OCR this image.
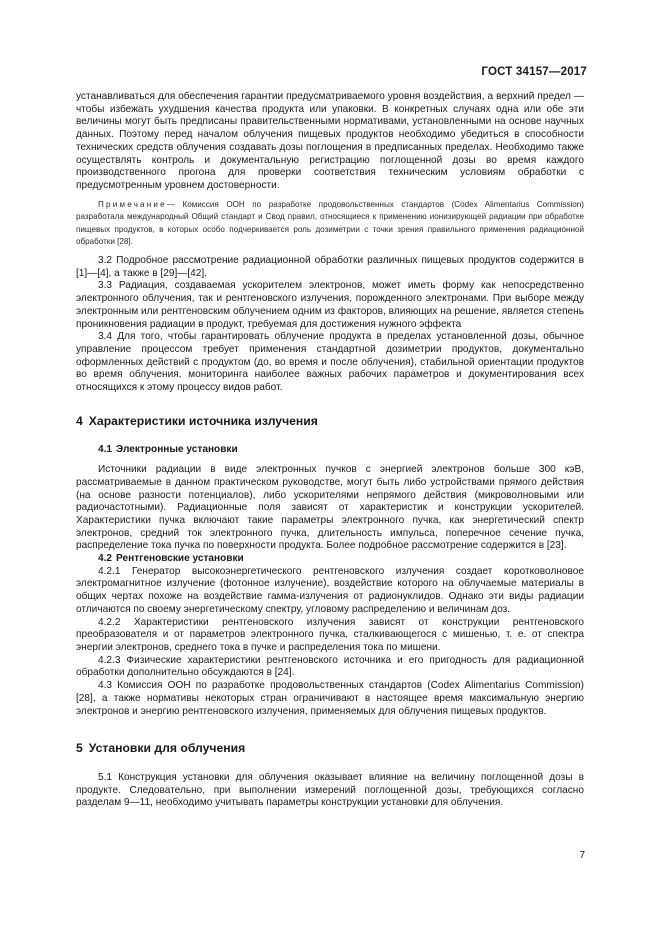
ГОСТ 34157—2017

устанавливаться для обеспечения гарантии предусматриваемого уровня воздействия, а верхний предел — чтобы избежать ухудшения качества продукта или упаковки. В конкретных случаях одна или обе эти величины могут быть предписаны правительственными нормативами, установленными на основе научных данных. Поэтому перед началом облучения пищевых продуктов необходимо убедиться в способности технических средств облучения создавать дозы поглощения в предписанных пределах. Необходимо также осуществлять контроль и документальную регистрацию поглощенной дозы во время каждого производственного прогона для проверки соответствия техническим условиям обработки с предусмотренным уровнем достоверности.

Примечание— Комиссия ООН по разработке продовольственных стандартов (Codex Alimentarius Commission) разработала международный Общий стандарт и Свод правил, относящиеся к применению ионизирующей радиации при обработке пищевых продуктов, в которых особо подчеркивается роль дозиметрии с точки зрения правильного применения радиационной обработки [28].

3.2 Подробное рассмотрение радиационной обработки различных пищевых продуктов содержится в [1]—[4], а также в [29]—[42].

3.3 Радиация, создаваемая ускорителем электронов, может иметь форму как непосредственно электронного облучения, так и рентгеновского излучения, порожденного электронами. При выборе между электронным или рентгеновским облучением одним из факторов, влияющих на решение, является степень проникновения радиации в продукт, требуемая для достижения нужного эффекта

3.4 Для того, чтобы гарантировать облучение продукта в пределах установленной дозы, обычное управление процессом требует применения стандартной дозиметрии продуктов, документально оформленных действий с продуктом (до, во время и после облучения), стабильной ориентации продуктов во время облучения, мониторинга наиболее важных рабочих параметров и документирования всех относящихся к этому процессу видов работ.

4 Характеристики источника излучения
4.1 Электронные установки

Источники радиации в виде электронных пучков с энергией электронов больше 300 кэВ, рассматриваемые в данном практическом руководстве, могут быть либо устройствами прямого действия (на основе разности потенциалов), либо ускорителями непрямого действия (микроволновыми или радиочастотными). Радиационные поля зависят от характеристик и конструкции ускорителей. Характеристики пучка включают такие параметры электронного пучка, как энергетический спектр электронов, средний ток электронного пучка, длительность импульса, поперечное сечение пучка, распределение тока пучка по поверхности продукта. Более подробное рассмотрение содержится в [23].

4.2 Рентгеновские установки

4.2.1 Генератор высокоэнергетического рентгеновского излучения создает коротковолновое электромагнитное излучение (фотонное излучение), воздействие которого на облучаемые материалы в общих чертах похоже на воздействие гамма-излучения от радионуклидов. Однако эти виды радиации отличаются по своему энергетическому спектру, угловому распределению и величинам доз.

4.2.2 Характеристики рентгеновского излучения зависят от конструкции рентгеновского преобразователя и от параметров электронного пучка, сталкивающегося с мишенью, т. е. от спектра энергии электронов, среднего тока в пучке и распределения тока по мишени.

4.2.3 Физические характеристики рентгеновского источника и его пригодность для радиационной обработки дополнительно обсуждаются в [24].

4.3 Комиссия ООН по разработке продовольственных стандартов (Codex Alimentarius Commission) [28], а также нормативы некоторых стран ограничивают в настоящее время максимальную энергию электронов и энергию рентгеновского излучения, применяемых для облучения пищевых продуктов.

5 Установки для облучения

5.1 Конструкция установки для облучения оказывает влияние на величину поглощенной дозы в продукте. Следовательно, при выполнении измерений поглощенной дозы, требующихся согласно разделам 9—11, необходимо учитывать параметры конструкции установки для облучения.

7
